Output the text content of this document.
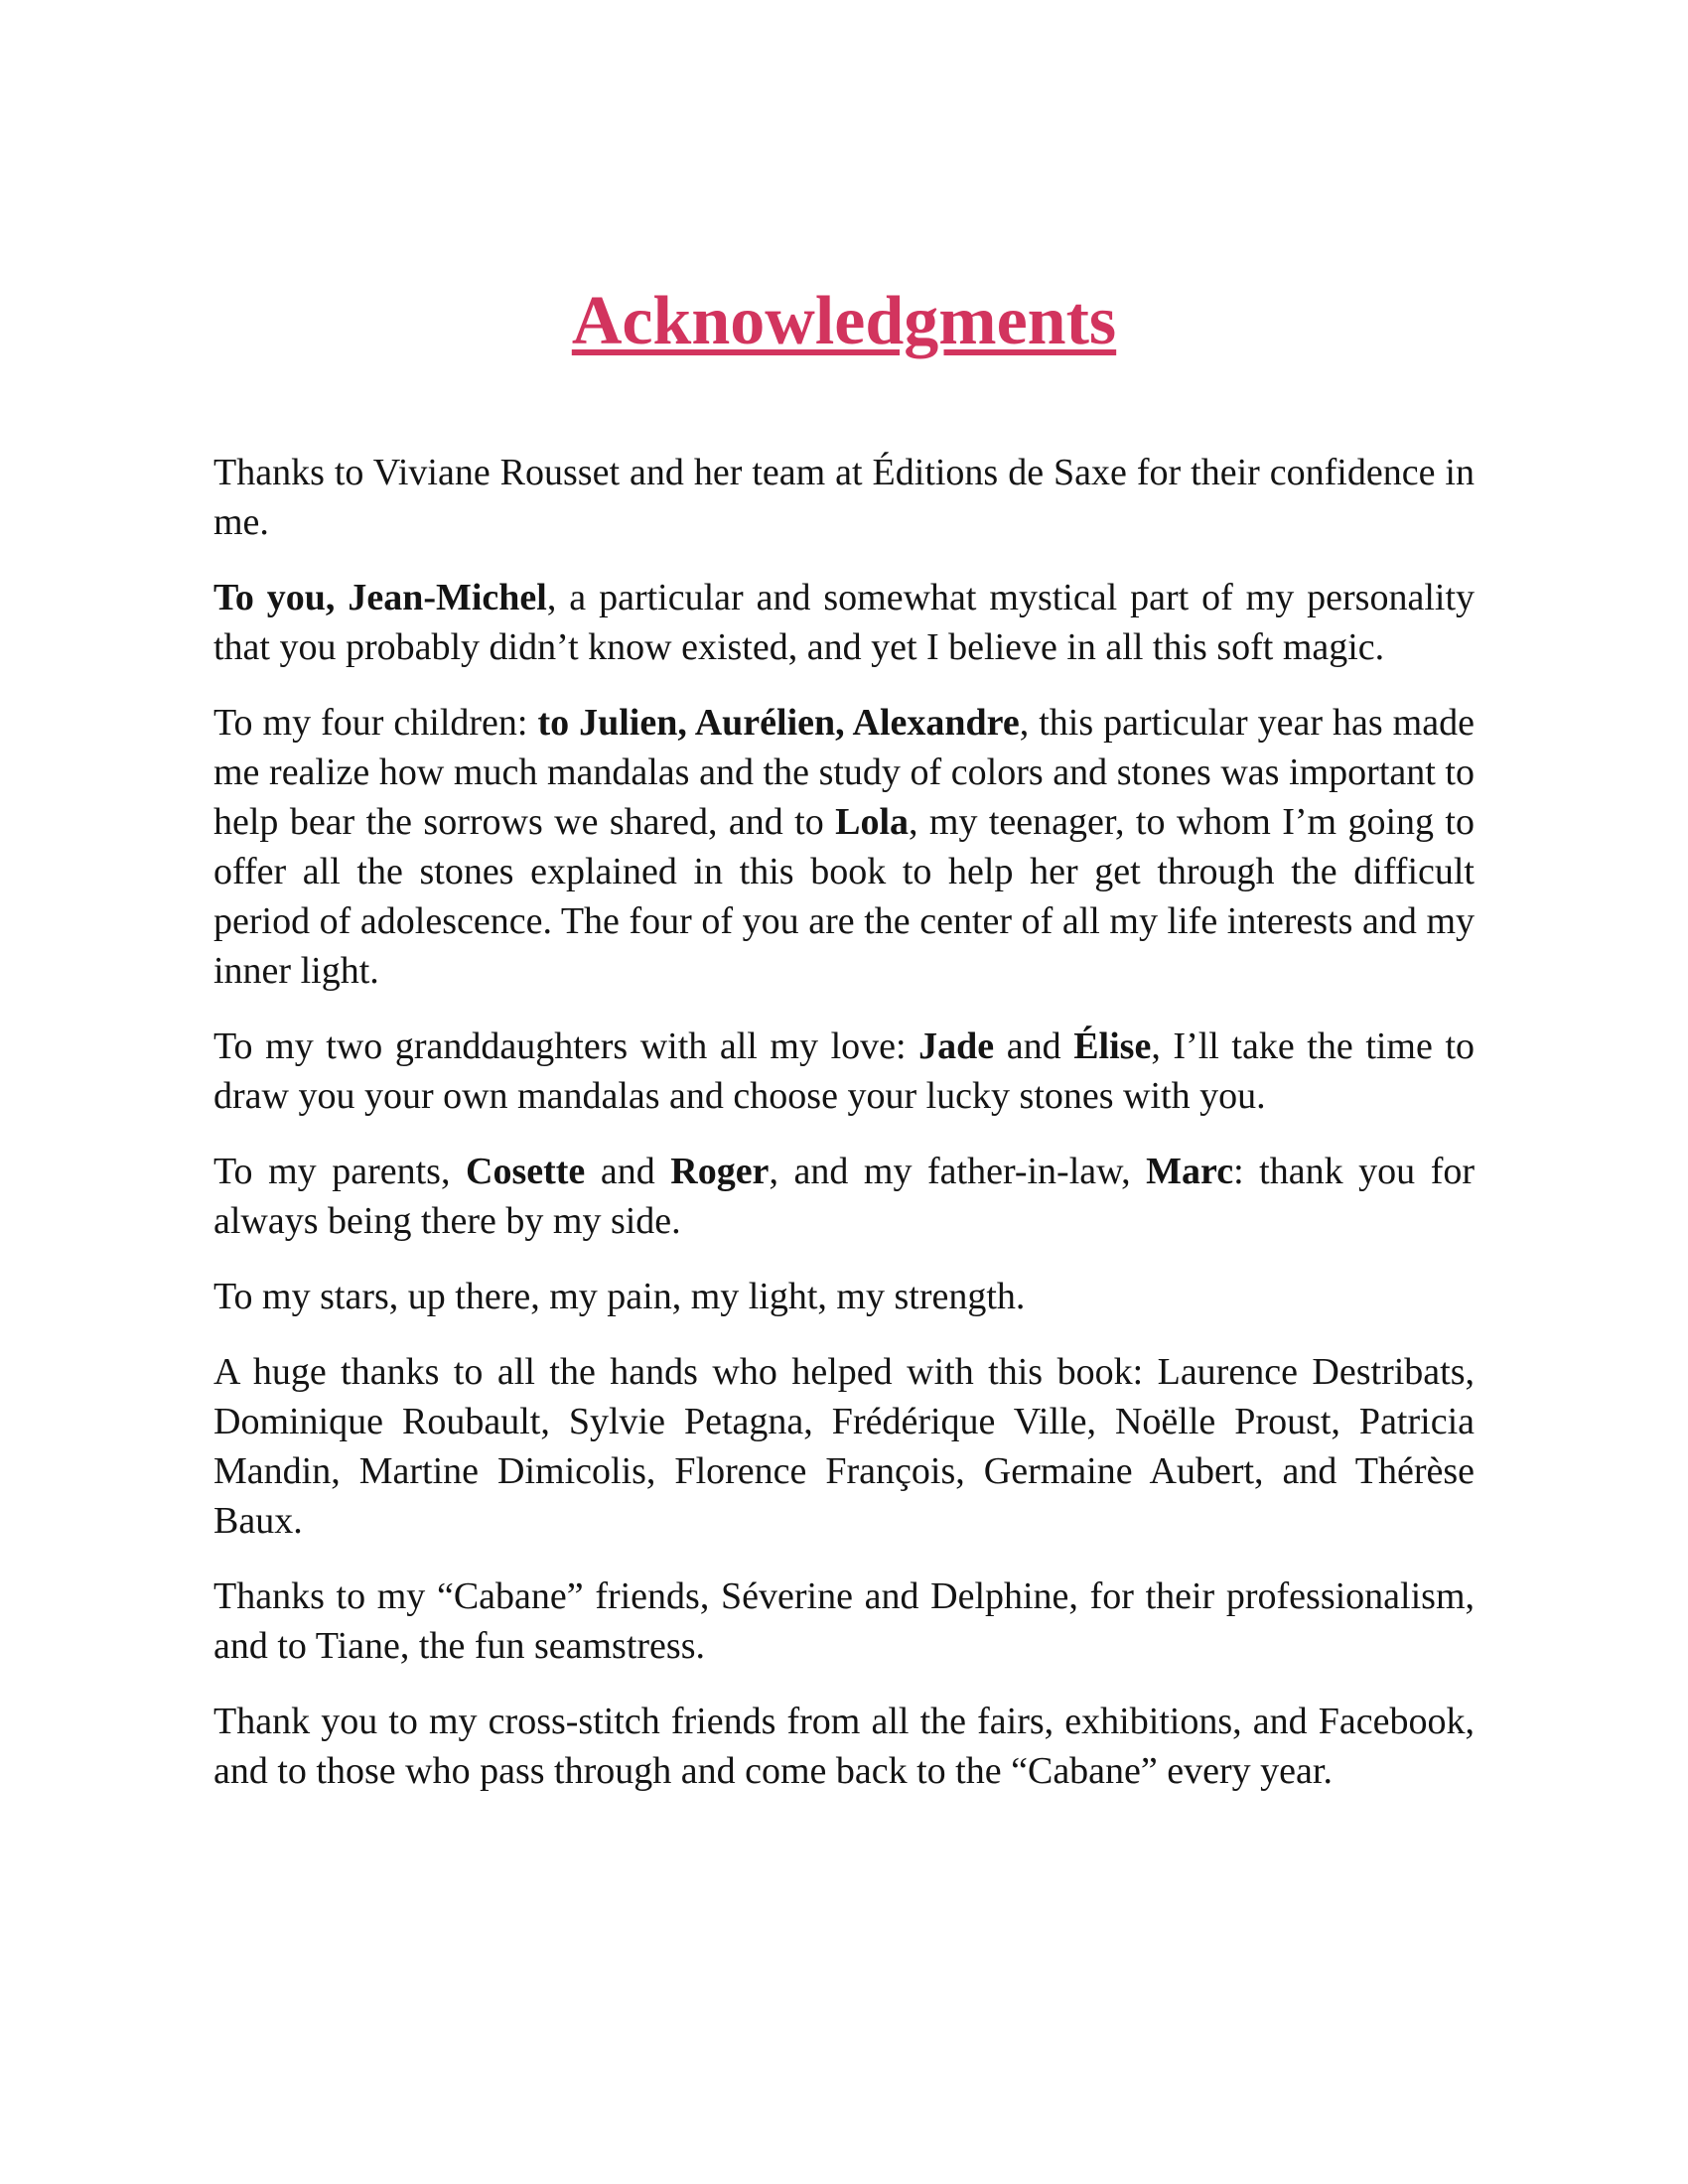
Acknowledgments

Thanks to Viviane Rousset and her team at Éditions de Saxe for their confidence in me.

To you, Jean-Michel, a particular and somewhat mystical part of my personality that you probably didn’t know existed, and yet I believe in all this soft magic.

To my four children: to Julien, Aurélien, Alexandre, this particular year has made me realize how much mandalas and the study of colors and stones was important to help bear the sorrows we shared, and to Lola, my teenager, to whom I’m going to offer all the stones explained in this book to help her get through the difficult period of adolescence. The four of you are the center of all my life interests and my inner light.

To my two granddaughters with all my love: Jade and Élise, I’ll take the time to draw you your own mandalas and choose your lucky stones with you.

To my parents, Cosette and Roger, and my father-in-law, Marc: thank you for always being there by my side.

To my stars, up there, my pain, my light, my strength.

A huge thanks to all the hands who helped with this book: Laurence Destribats, Dominique Roubault, Sylvie Petagna, Frédérique Ville, Noëlle Proust, Patricia Mandin, Martine Dimicolis, Florence François, Germaine Aubert, and Thérèse Baux.

Thanks to my “Cabane” friends, Séverine and Delphine, for their professionalism, and to Tiane, the fun seamstress.

Thank you to my cross-stitch friends from all the fairs, exhibitions, and Facebook, and to those who pass through and come back to the “Cabane” every year.
